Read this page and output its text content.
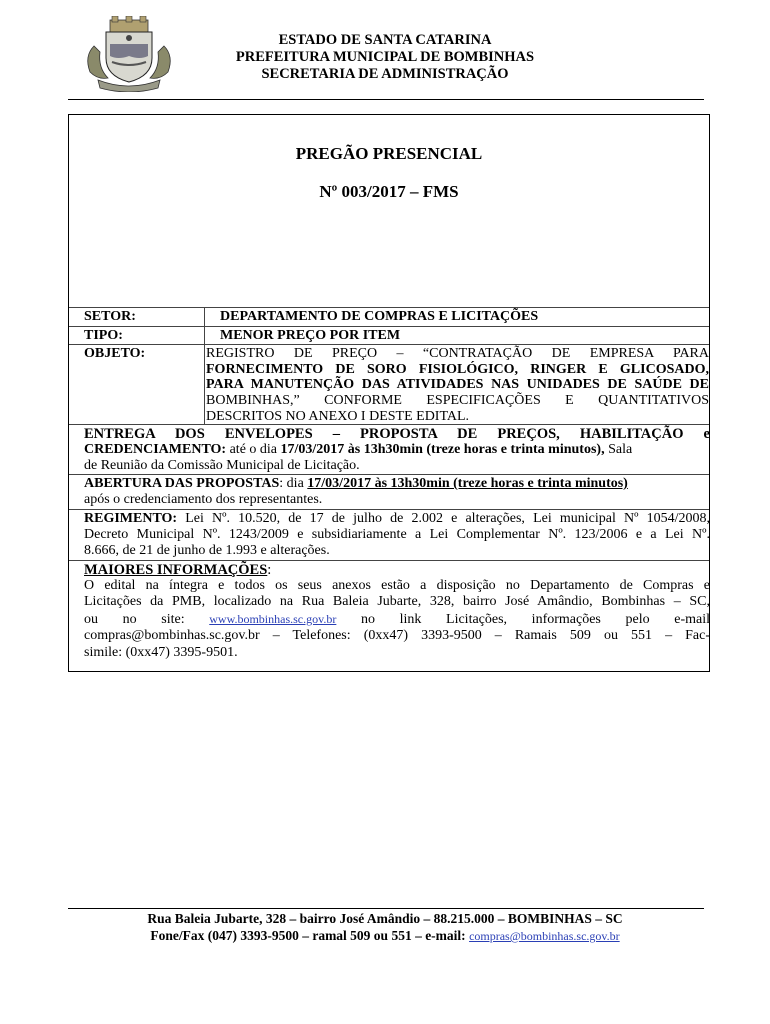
ESTADO DE SANTA CATARINA
PREFEITURA MUNICIPAL DE BOMBINHAS
SECRETARIA DE ADMINISTRAÇÃO
PREGÃO PRESENCIAL
Nº 003/2017 – FMS
SETOR:	DEPARTAMENTO DE COMPRAS E LICITAÇÕES
TIPO:	MENOR PREÇO POR ITEM
OBJETO:	REGISTRO DE PREÇO – “CONTRATAÇÃO DE EMPRESA PARA
FORNECIMENTO DE SORO FISIOLÓGICO, RINGER E GLICOSADO,
PARA MANUTENÇÃO DAS ATIVIDADES NAS UNIDADES DE SAÚDE DE
BOMBINHAS,” CONFORME ESPECIFICAÇÕES E QUANTITATIVOS
DESCRITOS NO ANEXO I DESTE EDITAL.
ENTREGA DOS ENVELOPES – PROPOSTA DE PREÇOS, HABILITAÇÃO e
CREDENCIAMENTO: até o dia 17/03/2017 às 13h30min (treze horas e trinta minutos), Sala
de Reunião da Comissão Municipal de Licitação.
ABERTURA DAS PROPOSTAS: dia 17/03/2017 às 13h30min (treze horas e trinta minutos)
após o credenciamento dos representantes.
REGIMENTO: Lei Nº. 10.520, de 17 de julho de 2.002 e alterações, Lei municipal Nº 1054/2008,
Decreto Municipal Nº. 1243/2009 e subsidiariamente a Lei Complementar Nº. 123/2006 e a Lei Nº.
8.666, de 21 de junho de 1.993 e alterações.
MAIORES INFORMAÇÕES:
O edital na íntegra e todos os seus anexos estão a disposição no Departamento de Compras e
Licitações da PMB, localizado na Rua Baleia Jubarte, 328, bairro José Amândio, Bombinhas – SC,
ou no site: www.bombinhas.sc.gov.br no link Licitações, informações pelo e-mail
compras@bombinhas.sc.gov.br – Telefones: (0xx47) 3393-9500 – Ramais 509 ou 551 – Fac-
simile: (0xx47) 3395-9501.
Rua Baleia Jubarte, 328 – bairro José Amândio – 88.215.000 – BOMBINHAS – SC
Fone/Fax (047) 3393-9500 – ramal 509 ou 551 – e-mail: compras@bombinhas.sc.gov.br
